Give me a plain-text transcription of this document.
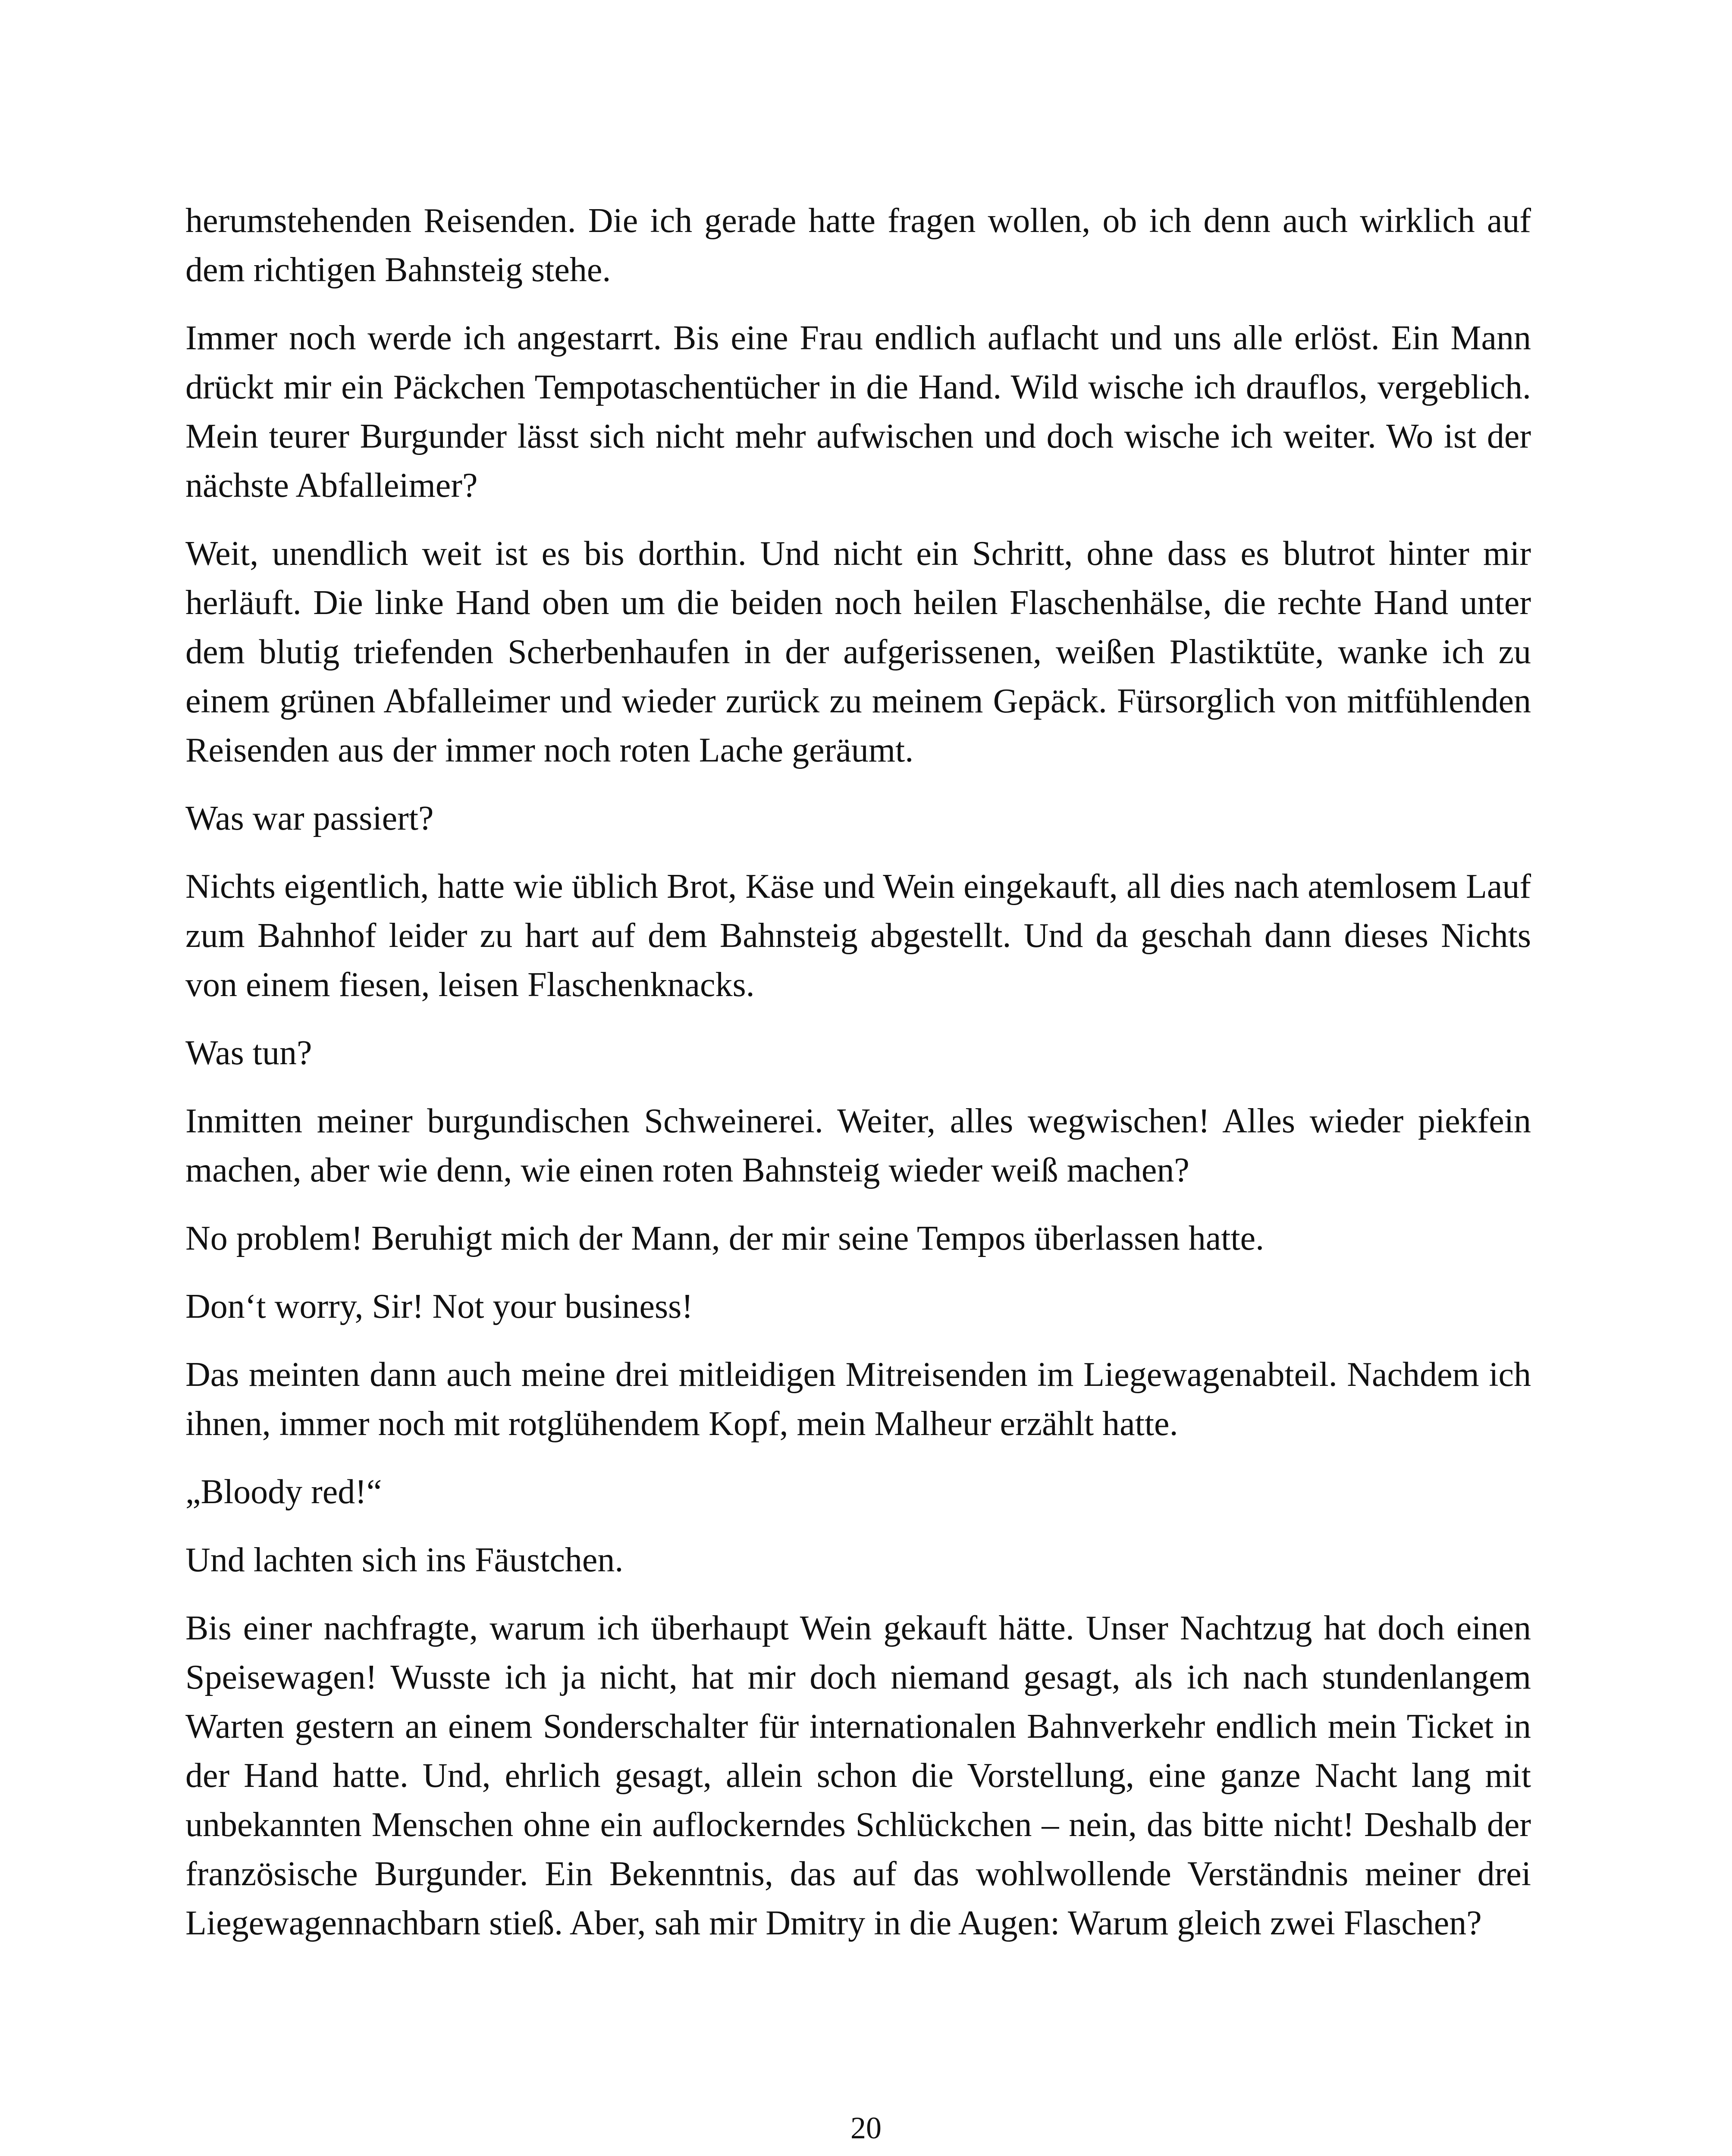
herumstehenden Reisenden. Die ich gerade hatte fragen wollen, ob ich denn auch wirklich auf dem richtigen Bahnsteig stehe.

Immer noch werde ich angestarrt. Bis eine Frau endlich auflacht und uns alle erlöst. Ein Mann drückt mir ein Päckchen Tempotaschentücher in die Hand. Wild wische ich drauflos, vergeblich. Mein teurer Burgunder lässt sich nicht mehr aufwischen und doch wische ich weiter. Wo ist der nächste Abfalleimer?

Weit, unendlich weit ist es bis dorthin. Und nicht ein Schritt, ohne dass es blutrot hinter mir herläuft. Die linke Hand oben um die beiden noch heilen Flaschenhälse, die rechte Hand unter dem blutig triefenden Scherbenhaufen in der aufgerissenen, weißen Plastiktüte, wanke ich zu einem grünen Abfalleimer und wieder zurück zu meinem Gepäck. Fürsorglich von mitfühlenden Reisenden aus der immer noch roten Lache geräumt.

Was war passiert?

Nichts eigentlich, hatte wie üblich Brot, Käse und Wein eingekauft, all dies nach atemlosem Lauf zum Bahnhof leider zu hart auf dem Bahnsteig abgestellt. Und da geschah dann dieses Nichts von einem fiesen, leisen Flaschenknacks.

Was tun?

Inmitten meiner burgundischen Schweinerei. Weiter, alles wegwischen! Alles wieder piekfein machen, aber wie denn, wie einen roten Bahnsteig wieder weiß machen?

No problem! Beruhigt mich der Mann, der mir seine Tempos überlassen hatte.

Don‘t worry, Sir! Not your business!

Das meinten dann auch meine drei mitleidigen Mitreisenden im Liegewagenabteil. Nachdem ich ihnen, immer noch mit rotglühendem Kopf, mein Malheur erzählt hatte.

„Bloody red!“

Und lachten sich ins Fäustchen.

Bis einer nachfragte, warum ich überhaupt Wein gekauft hätte. Unser Nachtzug hat doch einen Speisewagen! Wusste ich ja nicht, hat mir doch niemand gesagt, als ich nach stundenlangem Warten gestern an einem Sonderschalter für internationalen Bahnverkehr endlich mein Ticket in der Hand hatte. Und, ehrlich gesagt, allein schon die Vorstellung, eine ganze Nacht lang mit unbekannten Menschen ohne ein auflockerndes Schlückchen – nein, das bitte nicht! Deshalb der französische Burgunder. Ein Bekenntnis, das auf das wohlwollende Verständnis meiner drei Liegewagennachbarn stieß. Aber, sah mir Dmitry in die Augen: Warum gleich zwei Flaschen?

20
